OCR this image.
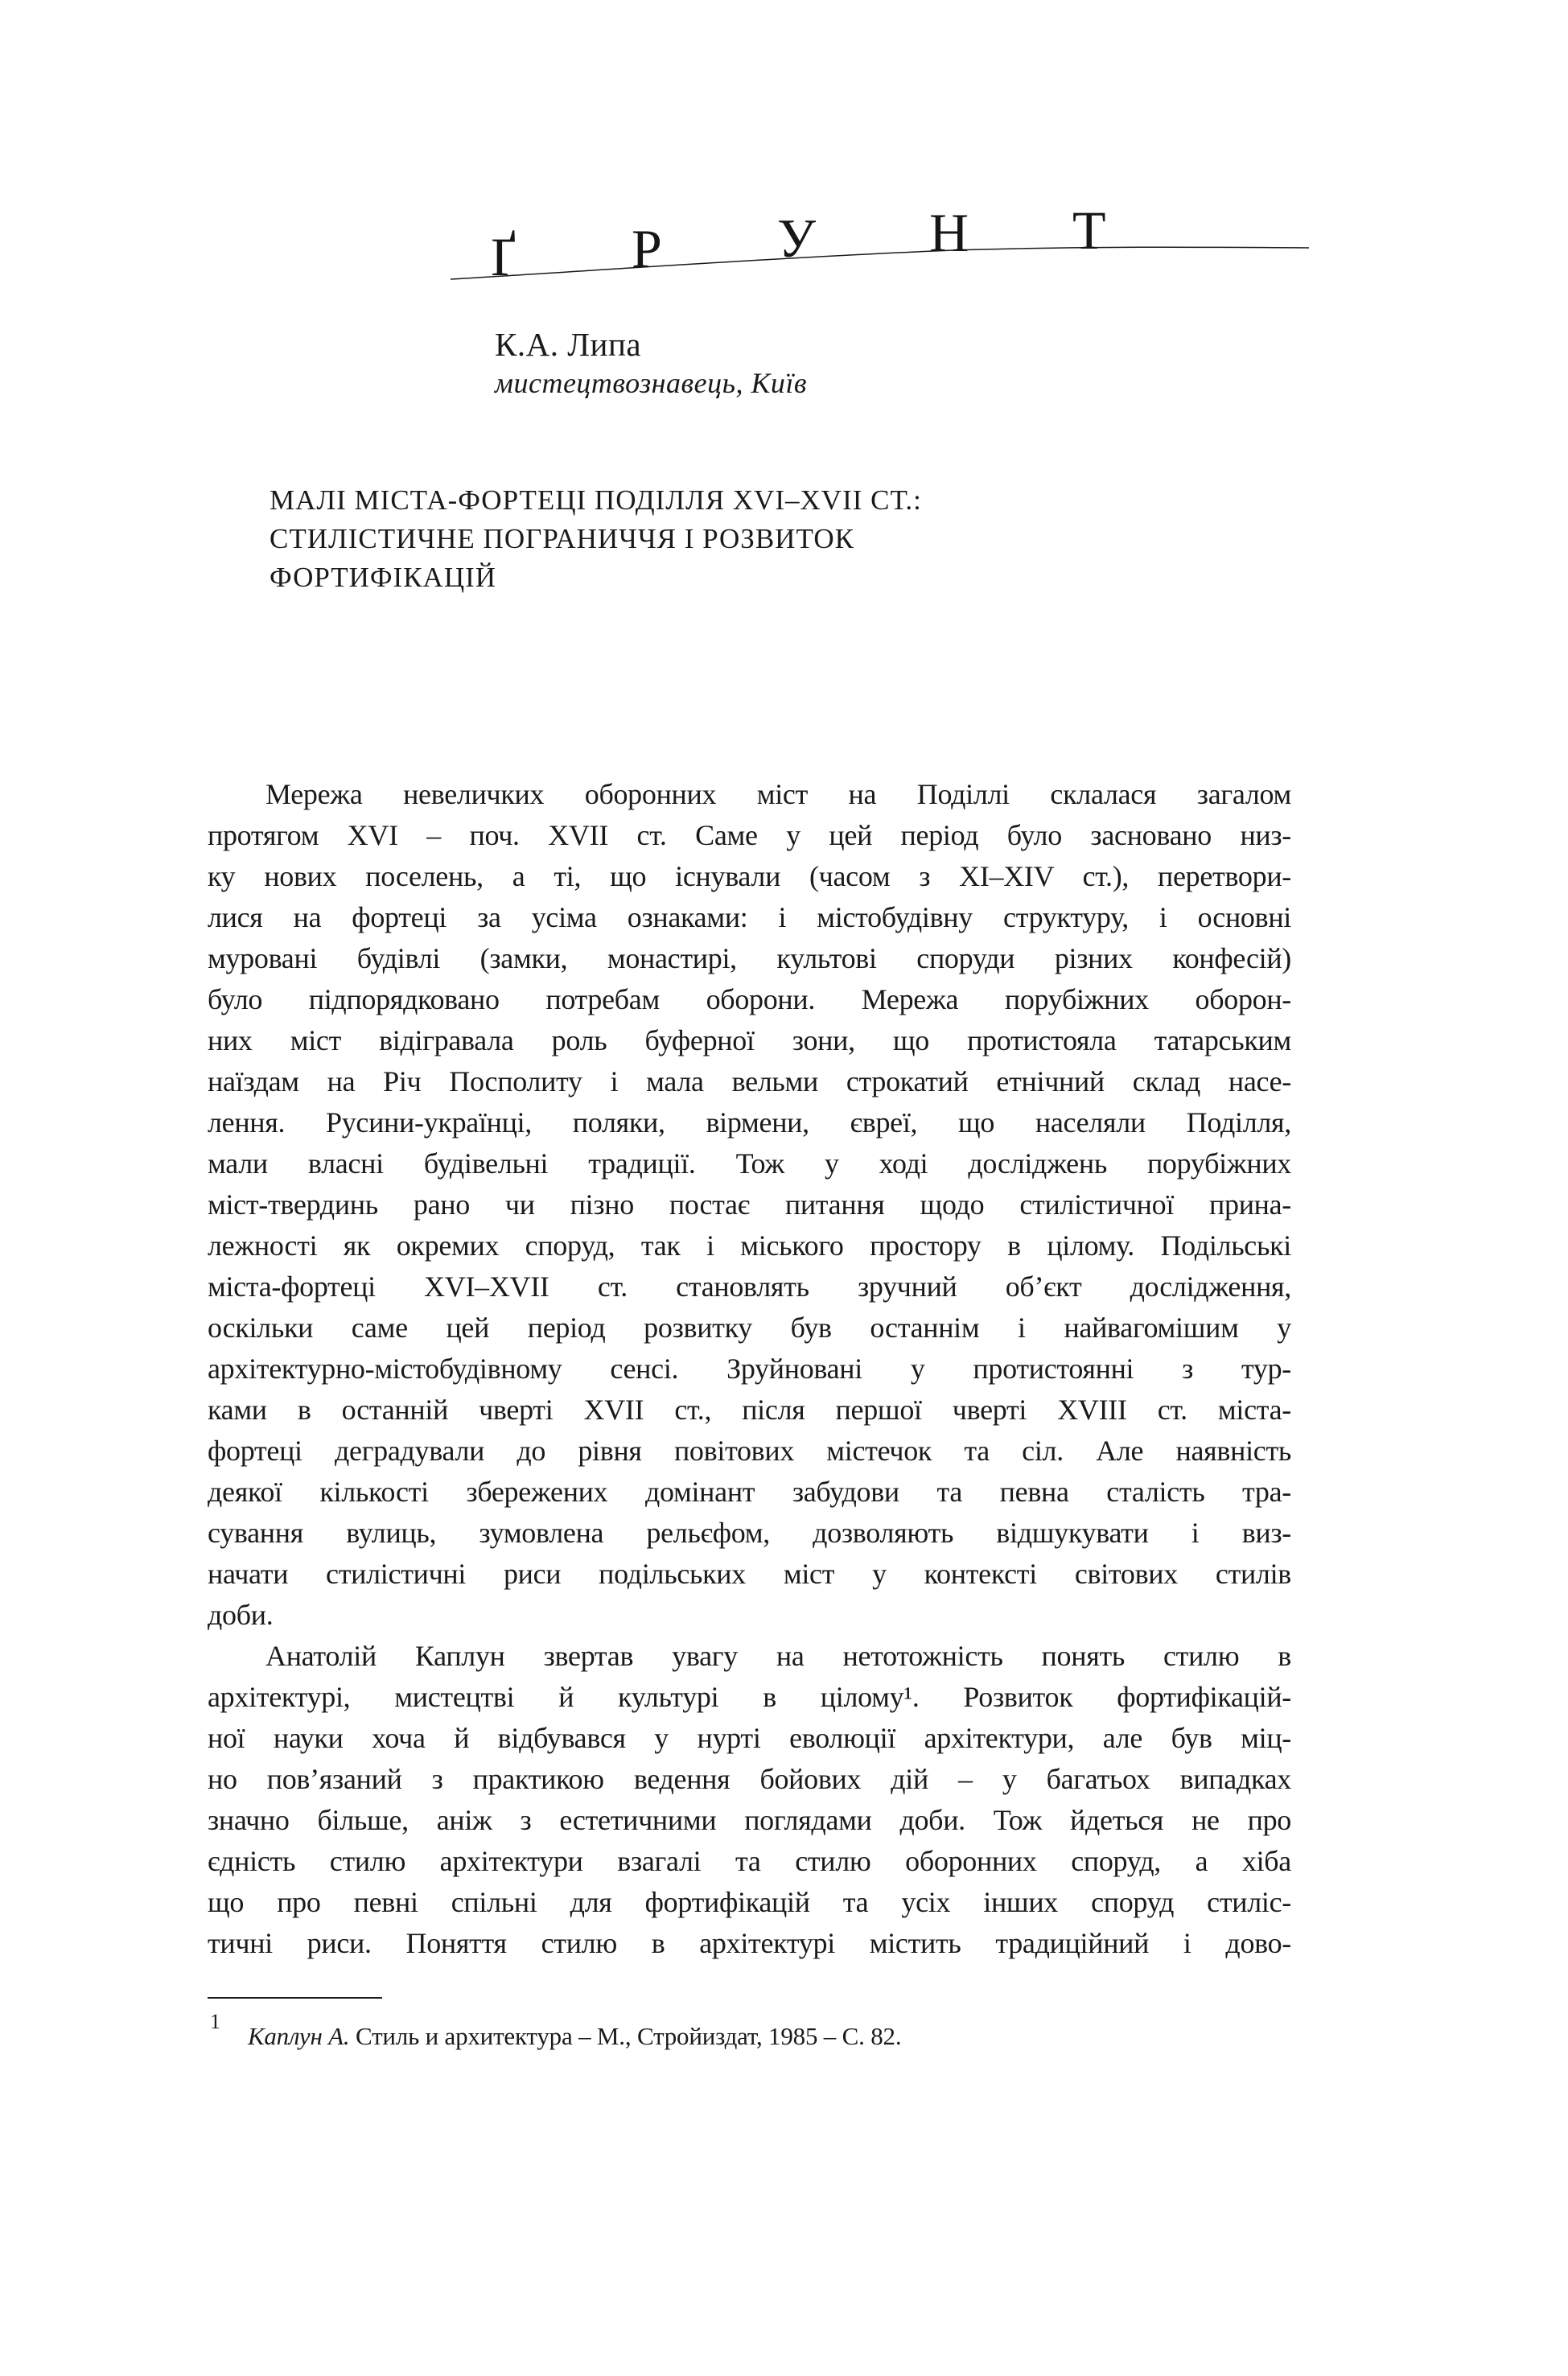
Ґ Р У Н Т
К.А. Липа
мистецтвознавець, Київ
МАЛІ МІСТА-ФОРТЕЦІ ПОДІЛЛЯ XVI–XVII СТ.:
СТИЛІСТИЧНЕ ПОГРАНИЧЧЯ І РОЗВИТОК
ФОРТИФІКАЦІЙ
Мережа невеличких оборонних міст на Поділлі склалася загалом
протягом XVI – поч. XVII ст. Саме у цей період було засновано низ-
ку нових поселень, а ті, що існували (часом з XI–XIV ст.), перетвори-
лися на фортеці за усіма ознаками: і містобудівну структуру, і основні
муровані будівлі (замки, монастирі, культові споруди різних конфесій)
було підпорядковано потребам оборони. Мережа порубіжних оборон-
них міст відігравала роль буферної зони, що протистояла татарським
наїздам на Річ Посполиту і мала вельми строкатий етнічний склад насе-
лення. Русини-українці, поляки, вірмени, євреї, що населяли Поділля,
мали власні будівельні традиції. Тож у ході досліджень порубіжних
міст-твердинь рано чи пізно постає питання щодо стилістичної прина-
лежності як окремих споруд, так і міського простору в цілому. Подільські
міста-фортеці XVI–XVII ст. становлять зручний об’єкт дослідження,
оскільки саме цей період розвитку був останнім і найвагомішим у
архітектурно-містобудівному сенсі. Зруйновані у протистоянні з тур-
ками в останній чверті XVII ст., після першої чверті XVIII ст. міста-
фортеці деградували до рівня повітових містечок та сіл. Але наявність
деякої кількості збережених домінант забудови та певна сталість тра-
сування вулиць, зумовлена рельєфом, дозволяють відшукувати і виз-
начати стилістичні риси подільських міст у контексті світових стилів
доби.
Анатолій Каплун звертав увагу на нетотожність понять стилю в
архітектурі, мистецтві й культурі в цілому¹. Розвиток фортифікацій-
ної науки хоча й відбувався у нурті еволюції архітектури, але був міц-
но пов’язаний з практикою ведення бойових дій – у багатьох випадках
значно більше, аніж з естетичними поглядами доби. Тож йдеться не про
єдність стилю архітектури взагалі та стилю оборонних споруд, а хіба
що про певні спільні для фортифікацій та усіх інших споруд стиліс-
тичні риси. Поняття стилю в архітектурі містить традиційний і дово-
1
Каплун А. Стиль и архитектура – М., Стройиздат, 1985 – С. 82.
